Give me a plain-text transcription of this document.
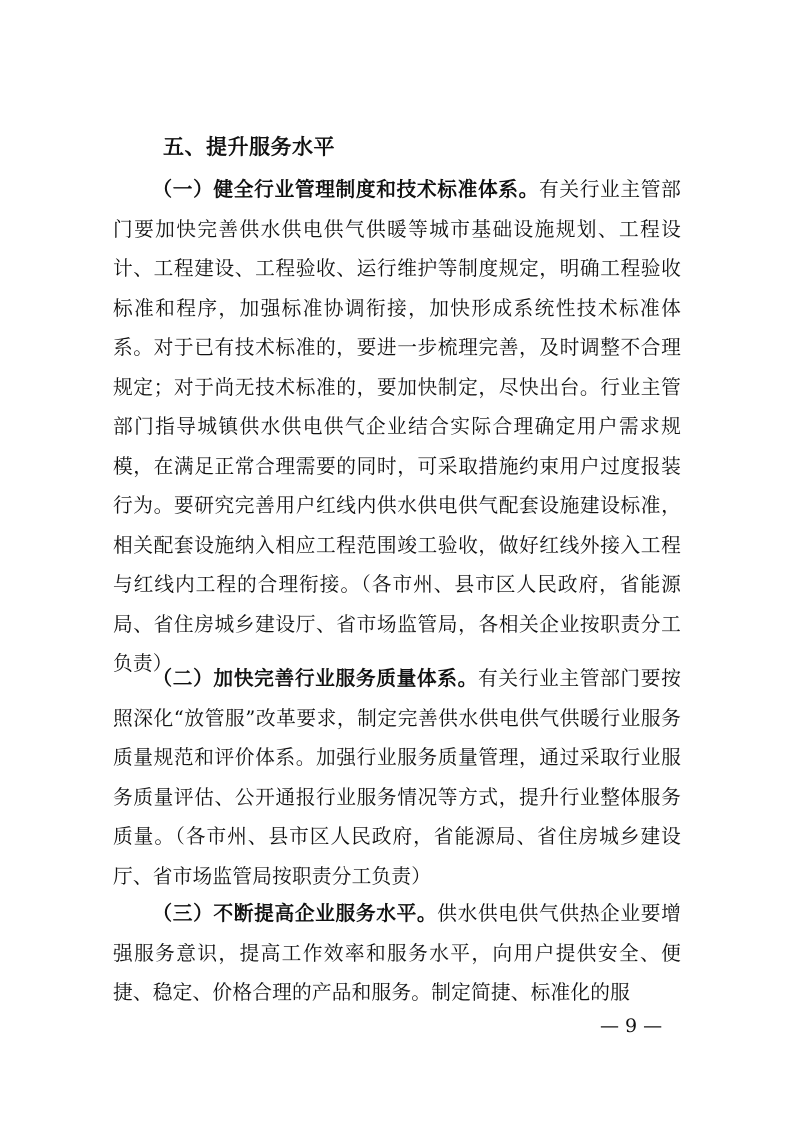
五、提升服务水平
（一）健全行业管理制度和技术标准体系。有关行业主管部门要加快完善供水供电供气供暖等城市基础设施规划、工程设计、工程建设、工程验收、运行维护等制度规定，明确工程验收标准和程序，加强标准协调衔接，加快形成系统性技术标准体系。对于已有技术标准的，要进一步梳理完善，及时调整不合理规定；对于尚无技术标准的，要加快制定，尽快出台。行业主管部门指导城镇供水供电供气企业结合实际合理确定用户需求规模，在满足正常合理需要的同时，可采取措施约束用户过度报装行为。要研究完善用户红线内供水供电供气配套设施建设标准，相关配套设施纳入相应工程范围竣工验收，做好红线外接入工程与红线内工程的合理衔接。（各市州、县市区人民政府，省能源局、省住房城乡建设厅、省市场监管局，各相关企业按职责分工负责）
（二）加快完善行业服务质量体系。有关行业主管部门要按照深化“放管服”改革要求，制定完善供水供电供气供暖行业服务质量规范和评价体系。加强行业服务质量管理，通过采取行业服务质量评估、公开通报行业服务情况等方式，提升行业整体服务质量。（各市州、县市区人民政府，省能源局、省住房城乡建设厅、省市场监管局按职责分工负责）
（三）不断提高企业服务水平。供水供电供气供热企业要增强服务意识，提高工作效率和服务水平，向用户提供安全、便捷、稳定、价格合理的产品和服务。制定简捷、标准化的服
— 9 —
